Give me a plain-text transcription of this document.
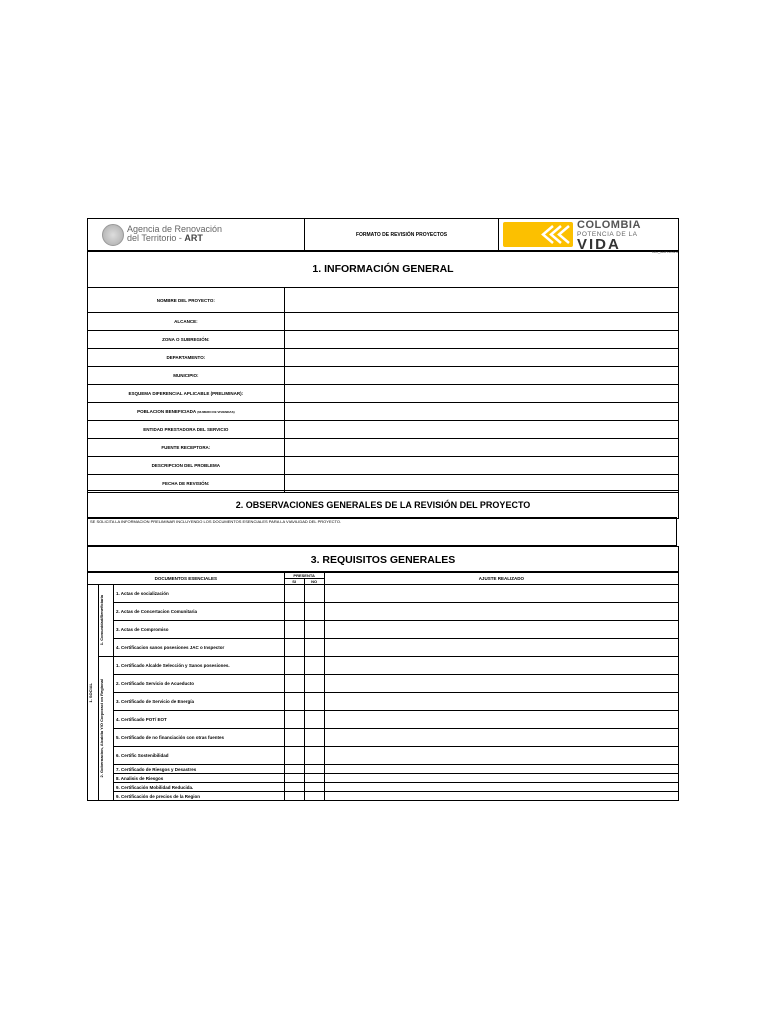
Agencia de Renovación
del Territorio - ART	FORMATO DE REVISIÓN PROYECTOS
COLOMBIA
POTENCIA DE LA
VIDA	GC_UJR.2023
1. INFORMACIÓN GENERAL
NOMBRE DEL PROYECTO:	
ALCANCE:	
ZONA O SUBREGIÓN:	
DEPARTAMENTO:	
MUNICIPIO:	
ESQUEMA DIFERENCIAL APLICABLE (PRELIMINAR):	
POBLACION BENEFICIADA (NUMERO DE VIVIENDAS)	
ENTIDAD PRESTADORA DEL SERVICIO	
FUENTE RECEPTORA:	
DESCRIPCION DEL PROBLEMA	
FECHA DE REVISIÓN:	
2. OBSERVACIONES GENERALES DE LA REVISIÓN DEL PROYECTO
SE SOLICITA LA INFORMACION PRELIMINAR INCLUYENDO LOS DOCUMENTOS ESENCIALES PARA LA VIAVILIDAD DEL PROYECTO.
3. REQUISITOS GENERALES
DOCUMENTOS ESENCIALES			PRESENTA		AJUSTE REALIZADO
			SI	NO	

1. SOCIAL	1. Comunidad/Beneficiaria	1. Actas de socialización			
		2. Actas de Concertacion Comunitaria			
		3. Actas de Compromiso			
		4. Certificacion sanos posesiones JAC o Inspector			

	2. Gobernacion, Alcaldia Y/O Corporaci on Regional	1. Certificado Alcalde Selección y Sanos posesiones.			
		2. Certificado Servicio de Acueducto			
		3. Certificado de Servicio de Energía			
		4. Certificado POT/ EOT			
		5. Certificado de no financiación con otras fuentes			
		6. Certific Sostenibilidad			
		7. Certificado de Riesgos y Desastres			
		8. Analisis de Riesgos			
		9. Certificación Mobilidad Reducida.			
		9. Certificación de precios de la Region			
